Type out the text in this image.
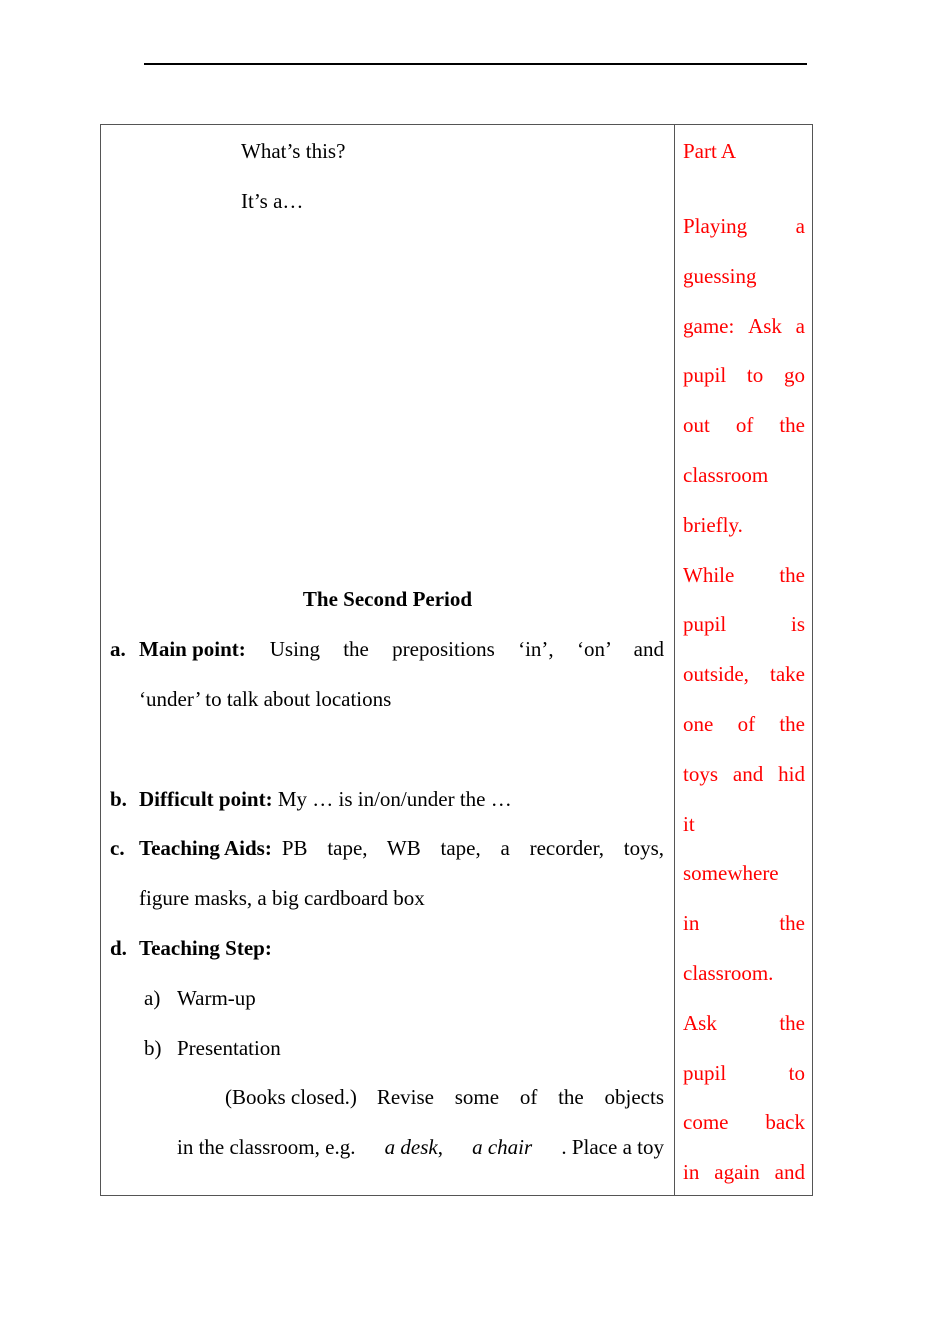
What’s this?
It’s a…
The Second Period
a. Main point: Using the prepositions ‘in’, ‘on’ and
‘under’ to talk about locations
b. Difficult point: My … is in/on/under the …
c. Teaching Aids: PB tape, WB tape, a recorder, toys,
figure masks, a big cardboard box
d. Teaching Step:
a) Warm-up
b) Presentation
(Books closed.) Revise some of the objects
in the classroom, e.g. a desk, a chair . Place a toy
Part A
Playing a
guessing
game: Ask a
pupil to go
out of the
classroom
briefly.
While the
pupil	is
outside, take
one of the
toys and hid
it
somewhere
in	the
classroom.
Ask	the
pupil	to
come back
in again and
